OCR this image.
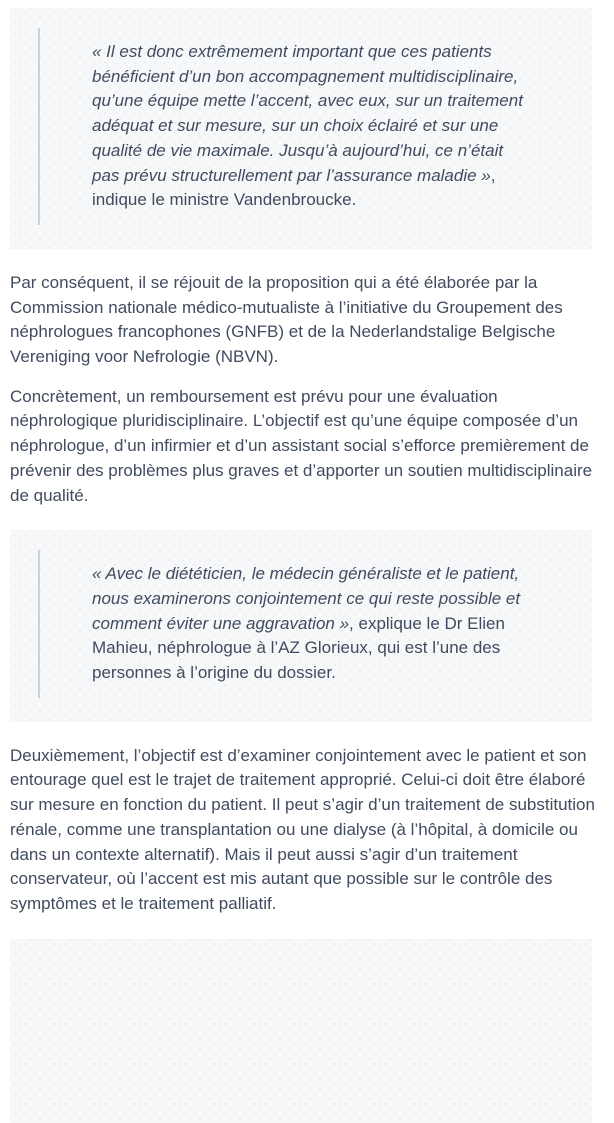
« Il est donc extrêmement important que ces patients bénéficient d’un bon accompagnement multidisciplinaire, qu’une équipe mette l’accent, avec eux, sur un traitement adéquat et sur mesure, sur un choix éclairé et sur une qualité de vie maximale. Jusqu’à aujourd’hui, ce n’était pas prévu structurellement par l’assurance maladie », indique le ministre Vandenbroucke.

Par conséquent, il se réjouit de la proposition qui a été élaborée par la Commission nationale médico-mutualiste à l’initiative du Groupement des néphrologues francophones (GNFB) et de la Nederlandstalige Belgische Vereniging voor Nefrologie (NBVN).

Concrètement, un remboursement est prévu pour une évaluation néphrologique pluridisciplinaire. L’objectif est qu’une équipe composée d’un néphrologue, d’un infirmier et d’un assistant social s’efforce premièrement de prévenir des problèmes plus graves et d’apporter un soutien multidisciplinaire de qualité.

« Avec le diététicien, le médecin généraliste et le patient, nous examinerons conjointement ce qui reste possible et comment éviter une aggravation », explique le Dr Elien Mahieu, néphrologue à l’AZ Glorieux, qui est l’une des personnes à l’origine du dossier.

Deuxièmement, l’objectif est d’examiner conjointement avec le patient et son entourage quel est le trajet de traitement approprié. Celui-ci doit être élaboré sur mesure en fonction du patient. Il peut s’agir d’un traitement de substitution rénale, comme une transplantation ou une dialyse (à l’hôpital, à domicile ou dans un contexte alternatif). Mais il peut aussi s’agir d’un traitement conservateur, où l’accent est mis autant que possible sur le contrôle des symptômes et le traitement palliatif.
